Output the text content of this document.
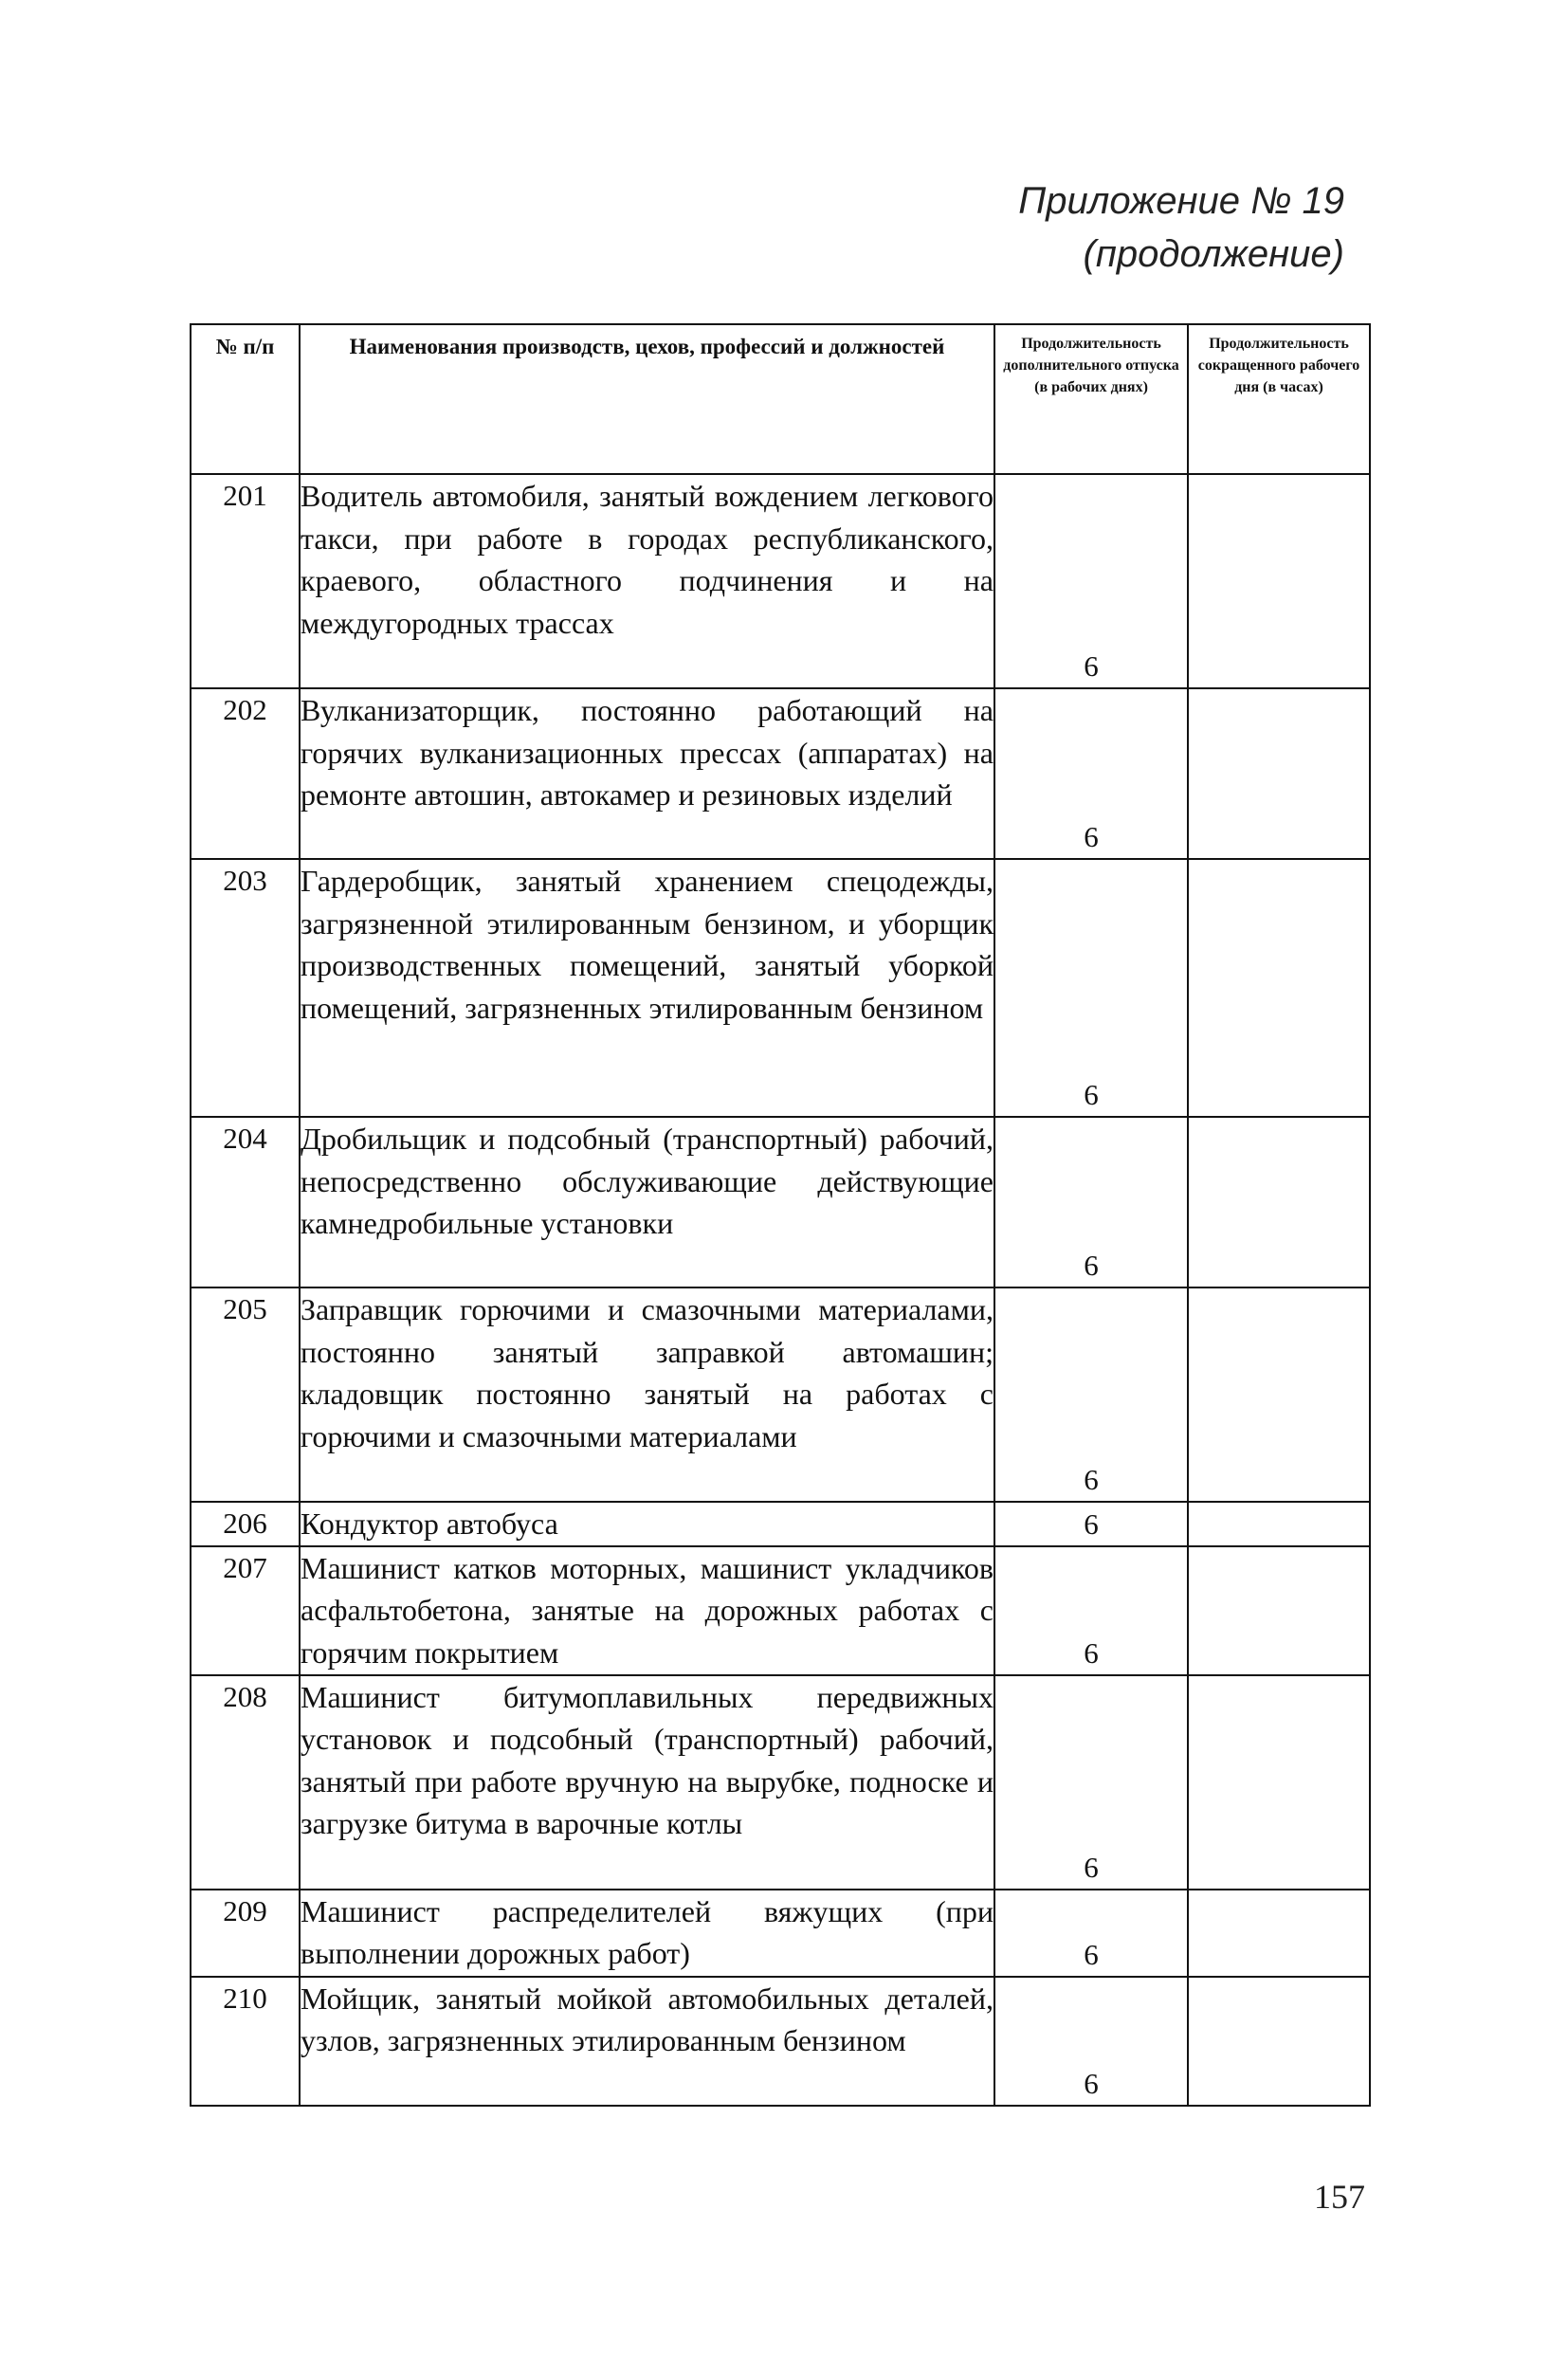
Приложение № 19
(продолжение)
№ п/п	Наименования производств, цехов, профессий и должностей	Продолжительность дополнительного отпуска (в рабочих днях)	Продолжительность сокращенного рабочего дня (в часах)
201	Водитель автомобиля, занятый вождением легкового такси, при работе в городах республиканского, краевого, областного подчинения и на междугородных трассах	6	
202	Вулканизаторщик, постоянно работающий на горячих вулканизационных прессах (аппаратах) на ремонте автошин, автокамер и резиновых изделий	6	
203	Гардеробщик, занятый хранением спецодежды, загрязненной этилированным бензином, и уборщик производственных помещений, занятый уборкой помещений, загрязненных этилированным бензином	6	
204	Дробильщик и подсобный (транспортный) рабочий, непосредственно обслуживающие действующие камнедробильные установки	6	
205	Заправщик горючими и смазочными материалами, постоянно занятый заправкой автомашин; кладовщик постоянно занятый на работах с горючими и смазочными материалами	6	
206	Кондуктор автобуса	6	
207	Машинист катков моторных, машинист укладчиков асфальтобетона, занятые на дорожных работах с горячим покрытием	6	
208	Машинист битумоплавильных передвижных установок и подсобный (транспортный) рабочий, занятый при работе вручную на вырубке, подноске и загрузке битума в варочные котлы	6	
209	Машинист распределителей вяжущих (при выполнении дорожных работ)	6	
210	Мойщик, занятый мойкой автомобильных деталей, узлов, загрязненных этилированным бензином	6	
157
